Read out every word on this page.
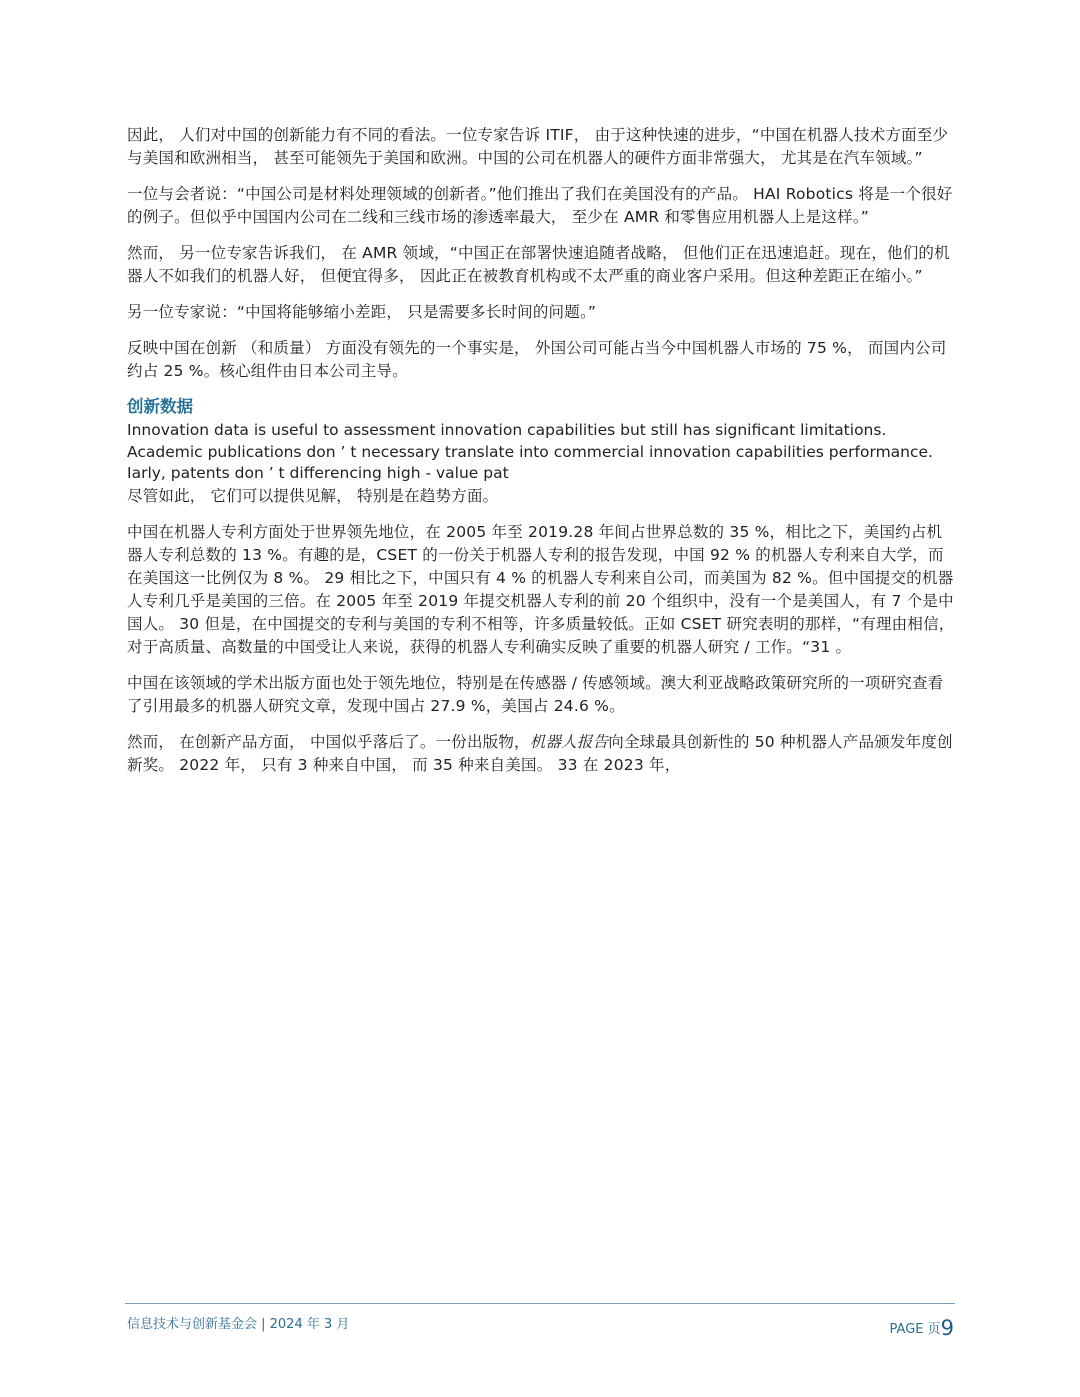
因此， 人们对中国的创新能力有不同的看法。一位专家告诉 ITIF， 由于这种快速的进步，“中国在机器人技术方面至少与美国和欧洲相当， 甚至可能领先于美国和欧洲。中国的公司在机器人的硬件方面非常强大， 尤其是在汽车领域。”

一位与会者说：“中国公司是材料处理领域的创新者。”他们推出了我们在美国没有的产品。 HAI Robotics 将是一个很好的例子。但似乎中国国内公司在二线和三线市场的渗透率最大， 至少在 AMR 和零售应用机器人上是这样。”

然而， 另一位专家告诉我们， 在 AMR 领域，“中国正在部署快速追随者战略， 但他们正在迅速追赶。现在，他们的机器人不如我们的机器人好， 但便宜得多， 因此正在被教育机构或不太严重的商业客户采用。但这种差距正在缩小。”

另一位专家说：“中国将能够缩小差距， 只是需要多长时间的问题。”

反映中国在创新 （和质量） 方面没有领先的一个事实是， 外国公司可能占当今中国机器人市场的 75 %， 而国内公司约占 25 %。核心组件由日本公司主导。

创新数据

Innovation data is useful to assessment innovation capabilities but still has significant limitations. Academic publications don ’ t necessary translate into commercial innovation capabilities performance. Iarly, patents don ’ t differencing high - value pat

尽管如此， 它们可以提供见解， 特别是在趋势方面。

中国在机器人专利方面处于世界领先地位，在 2005 年至 2019.28 年间占世界总数的 35 %，相比之下，美国约占机器人专利总数的 13 %。有趣的是，CSET 的一份关于机器人专利的报告发现，中国 92 % 的机器人专利来自大学，而在美国这一比例仅为 8 %。 29 相比之下，中国只有 4 % 的机器人专利来自公司，而美国为 82 %。但中国提交的机器人专利几乎是美国的三倍。在 2005 年至 2019 年提交机器人专利的前 20 个组织中，没有一个是美国人，有 7 个是中国人。 30 但是，在中国提交的专利与美国的专利不相等，许多质量较低。正如 CSET 研究表明的那样，“有理由相信，对于高质量、高数量的中国受让人来说，获得的机器人专利确实反映了重要的机器人研究 / 工作。“31 。

中国在该领域的学术出版方面也处于领先地位，特别是在传感器 / 传感领域。澳大利亚战略政策研究所的一项研究查看了引用最多的机器人研究文章，发现中国占 27.9 %，美国占 24.6 %。

然而， 在创新产品方面， 中国似乎落后了。一份出版物，机器人报告向全球最具创新性的 50 种机器人产品颁发年度创新奖。 2022 年， 只有 3 种来自中国， 而 35 种来自美国。 33 在 2023 年，

信息技术与创新基金会 | 2024 年 3 月	PAGE 页9
